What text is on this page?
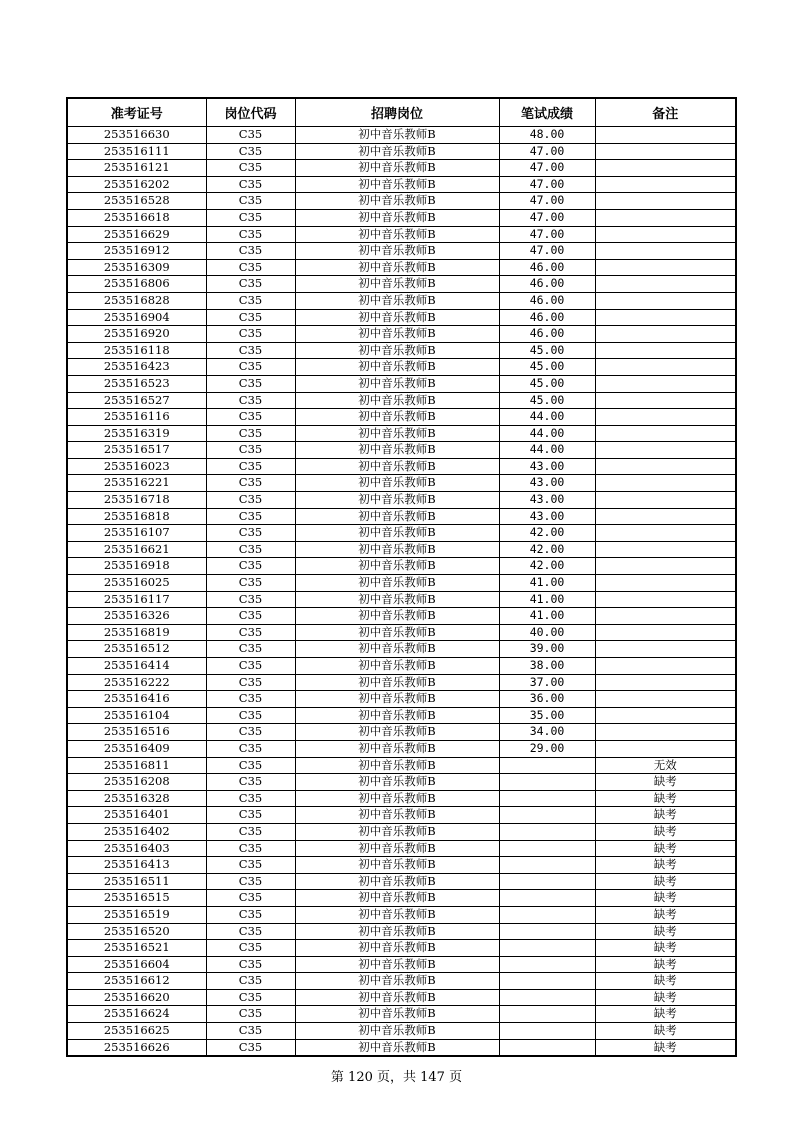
准考证号	岗位代码	招聘岗位	笔试成绩	备注
253516630	C35	初中音乐教师B	48.00	
253516111	C35	初中音乐教师B	47.00	
253516121	C35	初中音乐教师B	47.00	
253516202	C35	初中音乐教师B	47.00	
253516528	C35	初中音乐教师B	47.00	
253516618	C35	初中音乐教师B	47.00	
253516629	C35	初中音乐教师B	47.00	
253516912	C35	初中音乐教师B	47.00	
253516309	C35	初中音乐教师B	46.00	
253516806	C35	初中音乐教师B	46.00	
253516828	C35	初中音乐教师B	46.00	
253516904	C35	初中音乐教师B	46.00	
253516920	C35	初中音乐教师B	46.00	
253516118	C35	初中音乐教师B	45.00	
253516423	C35	初中音乐教师B	45.00	
253516523	C35	初中音乐教师B	45.00	
253516527	C35	初中音乐教师B	45.00	
253516116	C35	初中音乐教师B	44.00	
253516319	C35	初中音乐教师B	44.00	
253516517	C35	初中音乐教师B	44.00	
253516023	C35	初中音乐教师B	43.00	
253516221	C35	初中音乐教师B	43.00	
253516718	C35	初中音乐教师B	43.00	
253516818	C35	初中音乐教师B	43.00	
253516107	C35	初中音乐教师B	42.00	
253516621	C35	初中音乐教师B	42.00	
253516918	C35	初中音乐教师B	42.00	
253516025	C35	初中音乐教师B	41.00	
253516117	C35	初中音乐教师B	41.00	
253516326	C35	初中音乐教师B	41.00	
253516819	C35	初中音乐教师B	40.00	
253516512	C35	初中音乐教师B	39.00	
253516414	C35	初中音乐教师B	38.00	
253516222	C35	初中音乐教师B	37.00	
253516416	C35	初中音乐教师B	36.00	
253516104	C35	初中音乐教师B	35.00	
253516516	C35	初中音乐教师B	34.00	
253516409	C35	初中音乐教师B	29.00	
253516811	C35	初中音乐教师B		无效
253516208	C35	初中音乐教师B		缺考
253516328	C35	初中音乐教师B		缺考
253516401	C35	初中音乐教师B		缺考
253516402	C35	初中音乐教师B		缺考
253516403	C35	初中音乐教师B		缺考
253516413	C35	初中音乐教师B		缺考
253516511	C35	初中音乐教师B		缺考
253516515	C35	初中音乐教师B		缺考
253516519	C35	初中音乐教师B		缺考
253516520	C35	初中音乐教师B		缺考
253516521	C35	初中音乐教师B		缺考
253516604	C35	初中音乐教师B		缺考
253516612	C35	初中音乐教师B		缺考
253516620	C35	初中音乐教师B		缺考
253516624	C35	初中音乐教师B		缺考
253516625	C35	初中音乐教师B		缺考
253516626	C35	初中音乐教师B		缺考
第 120 页，共 147 页
